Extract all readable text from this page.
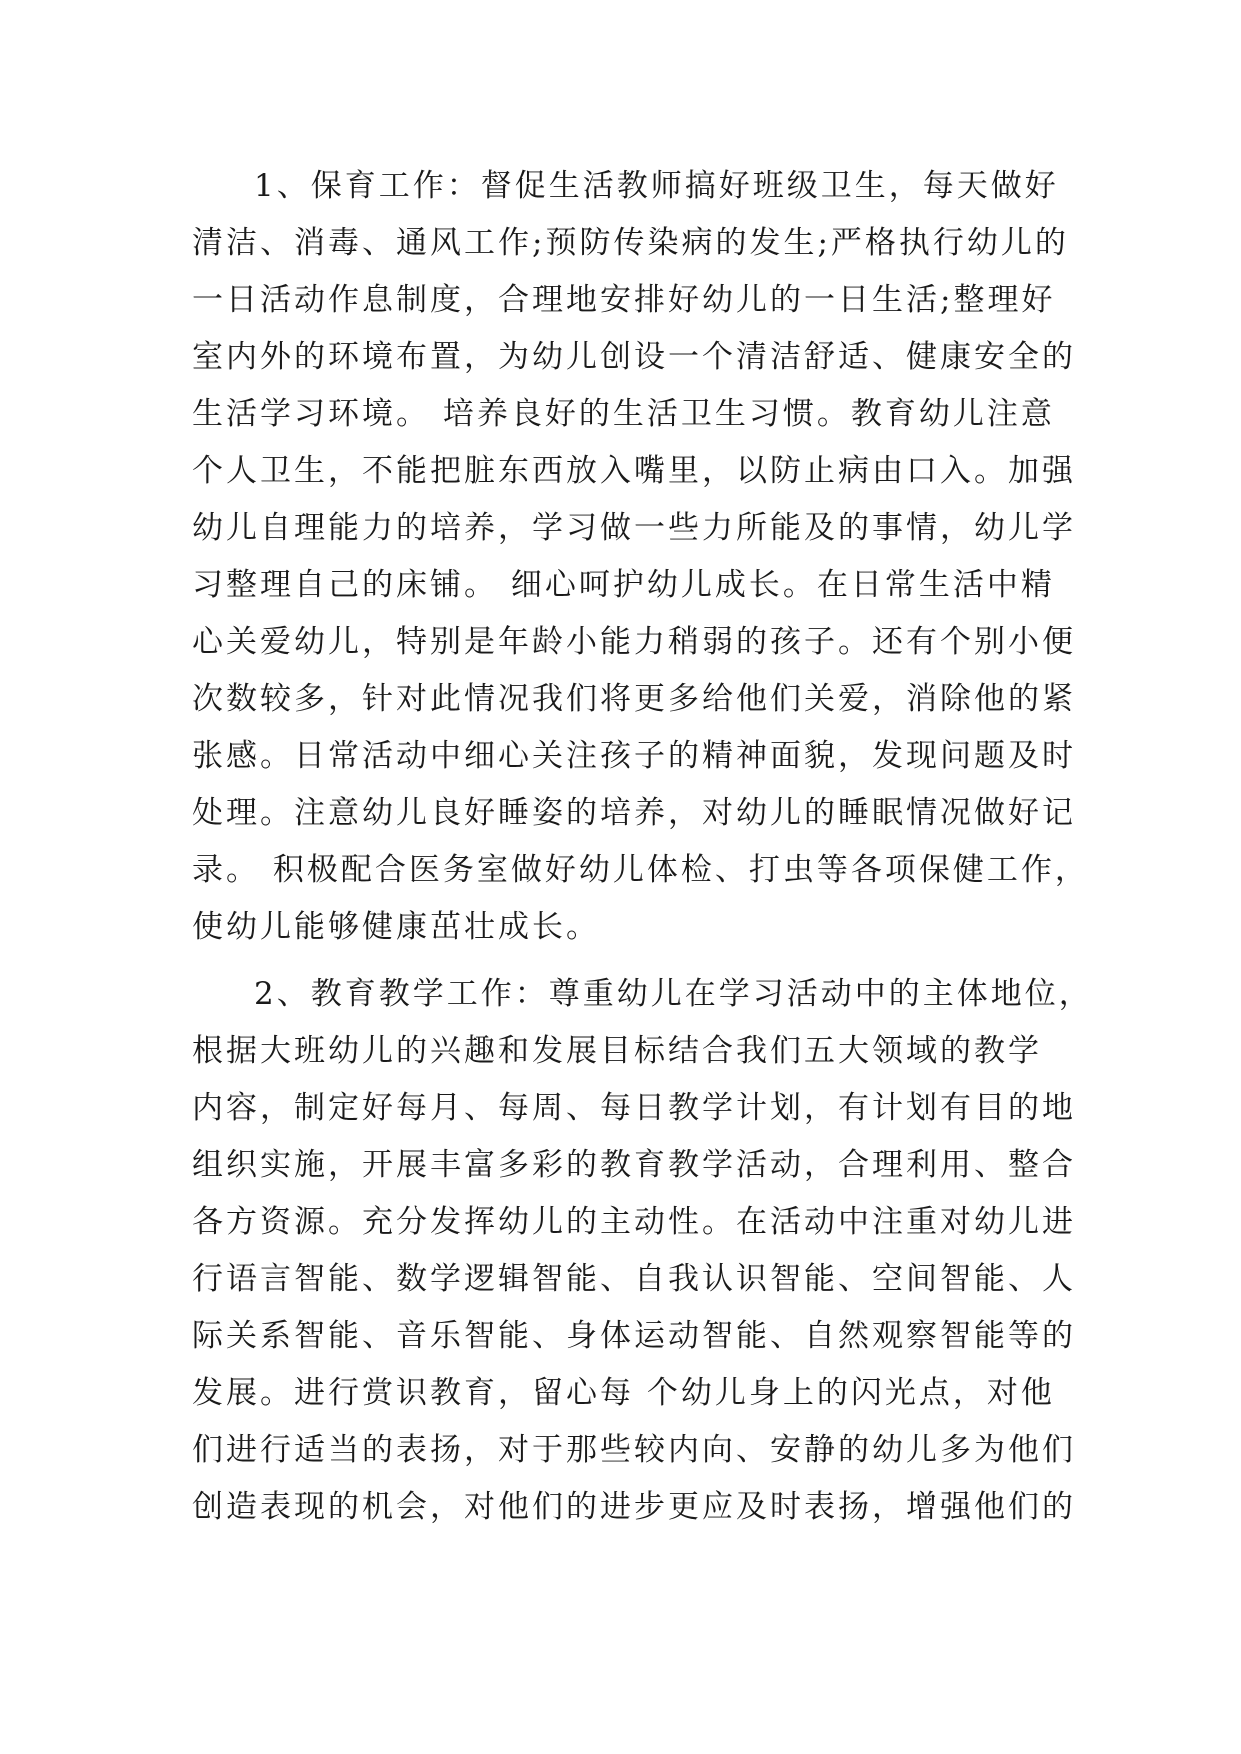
1、保育工作：督促生活教师搞好班级卫生，每天做好
清洁、消毒、通风工作;预防传染病的发生;严格执行幼儿的
一日活动作息制度，合理地安排好幼儿的一日生活;整理好
室内外的环境布置，为幼儿创设一个清洁舒适、健康安全的
生活学习环境。 培养良好的生活卫生习惯。教育幼儿注意
个人卫生，不能把脏东西放入嘴里，以防止病由口入。加强
幼儿自理能力的培养，学习做一些力所能及的事情，幼儿学
习整理自己的床铺。 细心呵护幼儿成长。在日常生活中精
心关爱幼儿，特别是年龄小能力稍弱的孩子。还有个别小便
次数较多，针对此情况我们将更多给他们关爱，消除他的紧
张感。日常活动中细心关注孩子的精神面貌，发现问题及时
处理。注意幼儿良好睡姿的培养，对幼儿的睡眠情况做好记
录。 积极配合医务室做好幼儿体检、打虫等各项保健工作，
使幼儿能够健康茁壮成长。
2、教育教学工作：尊重幼儿在学习活动中的主体地位，
根据大班幼儿的兴趣和发展目标结合我们五大领域的教学
内容，制定好每月、每周、每日教学计划，有计划有目的地
组织实施，开展丰富多彩的教育教学活动，合理利用、整合
各方资源。充分发挥幼儿的主动性。在活动中注重对幼儿进
行语言智能、数学逻辑智能、自我认识智能、空间智能、人
际关系智能、音乐智能、身体运动智能、自然观察智能等的
发展。进行赏识教育，留心每 个幼儿身上的闪光点，对他
们进行适当的表扬，对于那些较内向、安静的幼儿多为他们
创造表现的机会，对他们的进步更应及时表扬，增强他们的
